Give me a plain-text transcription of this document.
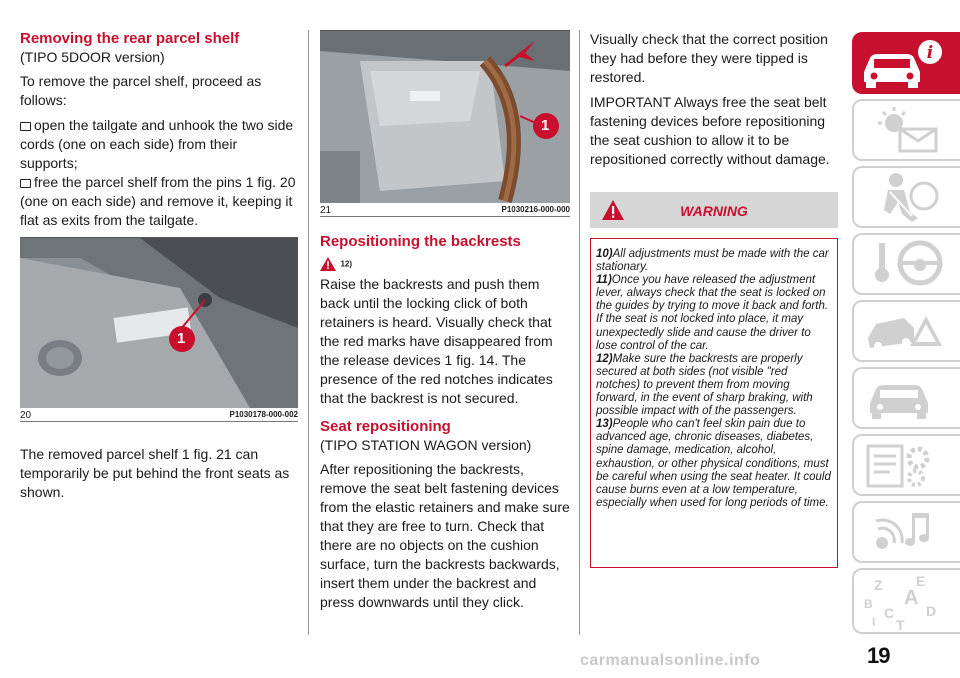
Removing the rear parcel shelf
(TIPO 5DOOR version)

To remove the parcel shelf, proceed as follows:

open the tailgate and unhook the two side cords (one on each side) from their supports;

free the parcel shelf from the pins 1 fig. 20 (one on each side) and remove it, keeping it flat as exits from the tailgate.

1
20	P1030178-000-002

The removed parcel shelf 1 fig. 21 can temporarily be put behind the front seats as shown.

1
21	P1030216-000-000
Repositioning the backrests
12)

Raise the backrests and push them back until the locking click of both retainers is heard. Visually check that the red marks have disappeared from the release devices 1 fig. 14. The presence of the red notches indicates that the backrest is not secured.

Seat repositioning
(TIPO STATION WAGON version)

After repositioning the backrests, remove the seat belt fastening devices from the elastic retainers and make sure that they are free to turn. Check that there are no objects on the cushion surface, turn the backrests backwards, insert them under the backrest and press downwards until they click.

Visually check that the correct position they had before they were tipped is restored.

IMPORTANT Always free the seat belt fastening devices before repositioning the seat cushion to allow it to be repositioned correctly without damage.

WARNING

10)All adjustments must be made with the car stationary.

11)Once you have released the adjustment lever, always check that the seat is locked on the guides by trying to move it back and forth. If the seat is not locked into place, it may unexpectedly slide and cause the driver to lose control of the car.

12)Make sure the backrests are properly secured at both sides (not visible "red notches) to prevent them from moving forward, in the event of sharp braking, with possible impact with of the passengers.

13)People who can't feel skin pain due to advanced age, chronic diseases, diabetes, spine damage, medication, alcohol, exhaustion, or other physical conditions, must be careful when using the seat heater. It could cause burns even at a low temperature, especially when used for long periods of time.

i
Z E
B A
C D
I T
19
carmanualsonline.info
